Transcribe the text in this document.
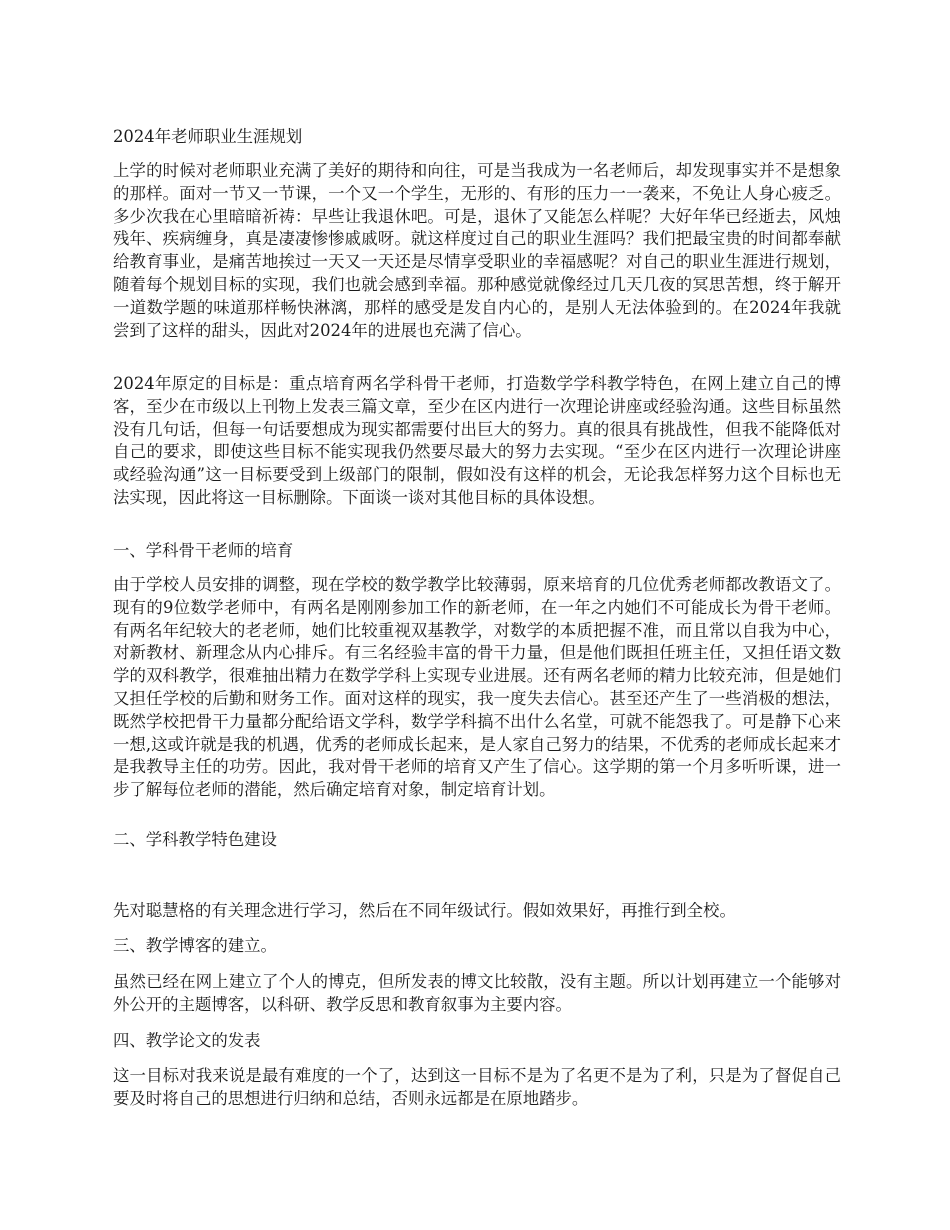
2024年老师职业生涯规划

上学的时候对老师职业充满了美好的期待和向往，可是当我成为一名老师后，却发现事实并不是想象的那样。面对一节又一节课，一个又一个学生，无形的、有形的压力一一袭来，不免让人身心疲乏。多少次我在心里暗暗祈祷：早些让我退休吧。可是，退休了又能怎么样呢？大好年华已经逝去，风烛残年、疾病缠身，真是凄凄惨惨戚戚呀。就这样度过自己的职业生涯吗？我们把最宝贵的时间都奉献给教育事业，是痛苦地挨过一天又一天还是尽情享受职业的幸福感呢？对自己的职业生涯进行规划，随着每个规划目标的实现，我们也就会感到幸福。那种感觉就像经过几天几夜的冥思苦想，终于解开一道数学题的味道那样畅快淋漓，那样的感受是发自内心的，是别人无法体验到的。在2024年我就尝到了这样的甜头，因此对2024年的进展也充满了信心。

2024年原定的目标是：重点培育两名学科骨干老师，打造数学学科教学特色，在网上建立自己的博客，至少在市级以上刊物上发表三篇文章，至少在区内进行一次理论讲座或经验沟通。这些目标虽然没有几句话，但每一句话要想成为现实都需要付出巨大的努力。真的很具有挑战性，但我不能降低对自己的要求，即使这些目标不能实现我仍然要尽最大的努力去实现。“至少在区内进行一次理论讲座或经验沟通”这一目标要受到上级部门的限制，假如没有这样的机会，无论我怎样努力这个目标也无法实现，因此将这一目标删除。下面谈一谈对其他目标的具体设想。

一、学科骨干老师的培育

由于学校人员安排的调整，现在学校的数学教学比较薄弱，原来培育的几位优秀老师都改教语文了。现有的9位数学老师中，有两名是刚刚参加工作的新老师，在一年之内她们不可能成长为骨干老师。有两名年纪较大的老老师，她们比较重视双基教学，对数学的本质把握不准，而且常以自我为中心，对新教材、新理念从内心排斥。有三名经验丰富的骨干力量，但是他们既担任班主任，又担任语文数学的双科教学，很难抽出精力在数学学科上实现专业进展。还有两名老师的精力比较充沛，但是她们又担任学校的后勤和财务工作。面对这样的现实，我一度失去信心。甚至还产生了一些消极的想法，既然学校把骨干力量都分配给语文学科，数学学科搞不出什么名堂，可就不能怨我了。可是静下心来一想,这或许就是我的机遇，优秀的老师成长起来，是人家自己努力的结果，不优秀的老师成长起来才是我教导主任的功劳。因此，我对骨干老师的培育又产生了信心。这学期的第一个月多听听课，进一步了解每位老师的潜能，然后确定培育对象，制定培育计划。

二、学科教学特色建设

先对聪慧格的有关理念进行学习，然后在不同年级试行。假如效果好，再推行到全校。

三、教学博客的建立。

虽然已经在网上建立了个人的博克，但所发表的博文比较散，没有主题。所以计划再建立一个能够对外公开的主题博客，以科研、教学反思和教育叙事为主要内容。

四、教学论文的发表

这一目标对我来说是最有难度的一个了，达到这一目标不是为了名更不是为了利，只是为了督促自己要及时将自己的思想进行归纳和总结，否则永远都是在原地踏步。
